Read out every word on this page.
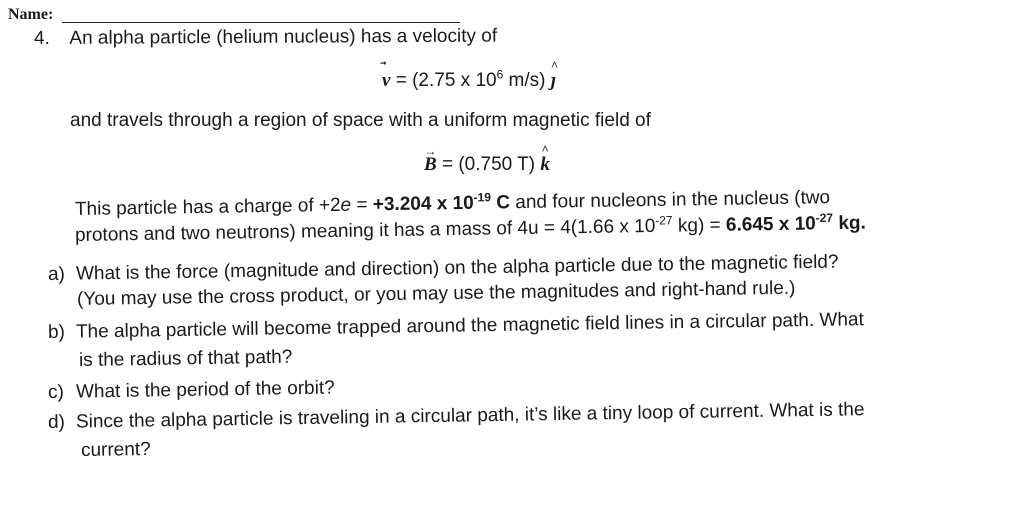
Name:
4. An alpha particle (helium nucleus) has a velocity of
v = (2.75 x $10^6$ m/s)
^
ȷ
and travels through a region of space with a uniform magnetic field of
→
B = (0.750 T)
^
k
This particle has a charge of +2e = +3.204 x $10^{-19}$ C and four nucleons in the nucleus (two
protons and two neutrons) meaning it has a mass of 4u = 4(1.66 x $10^{-27}$ kg) = 6.645 x $10^{-27}$ kg.
a) What is the force (magnitude and direction) on the alpha particle due to the magnetic field?
(You may use the cross product, or you may use the magnitudes and right-hand rule.)
b) The alpha particle will become trapped around the magnetic field lines in a circular path. What
is the radius of that path?
c) What is the period of the orbit?
d) Since the alpha particle is traveling in a circular path, it’s like a tiny loop of current. What is the
current?
